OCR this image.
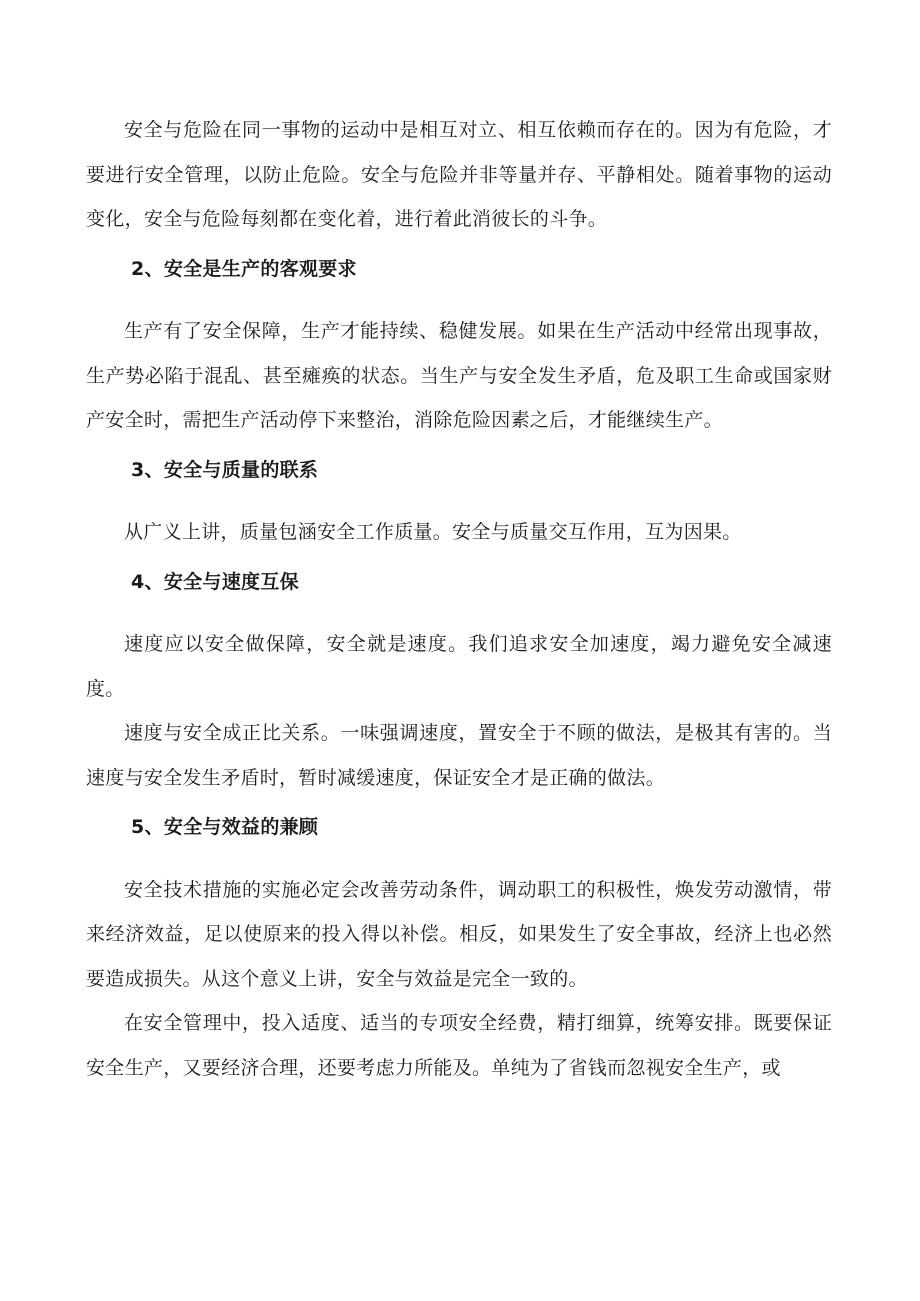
安全与危险在同一事物的运动中是相互对立、相互依赖而存在的。因为有危险，才要进行安全管理，以防止危险。安全与危险并非等量并存、平静相处。随着事物的运动变化，安全与危险每刻都在变化着，进行着此消彼长的斗争。

2、安全是生产的客观要求

生产有了安全保障，生产才能持续、稳健发展。如果在生产活动中经常出现事故，生产势必陷于混乱、甚至瘫痪的状态。当生产与安全发生矛盾，危及职工生命或国家财产安全时，需把生产活动停下来整治，消除危险因素之后，才能继续生产。

3、安全与质量的联系

从广义上讲，质量包涵安全工作质量。安全与质量交互作用，互为因果。

4、安全与速度互保

速度应以安全做保障，安全就是速度。我们追求安全加速度，竭力避免安全减速度。

速度与安全成正比关系。一味强调速度，置安全于不顾的做法，是极其有害的。当速度与安全发生矛盾时，暂时减缓速度，保证安全才是正确的做法。

5、安全与效益的兼顾

安全技术措施的实施必定会改善劳动条件，调动职工的积极性，焕发劳动激情，带来经济效益，足以使原来的投入得以补偿。相反，如果发生了安全事故，经济上也必然要造成损失。从这个意义上讲，安全与效益是完全一致的。

在安全管理中，投入适度、适当的专项安全经费，精打细算，统筹安排。既要保证安全生产，又要经济合理，还要考虑力所能及。单纯为了省钱而忽视安全生产，或
